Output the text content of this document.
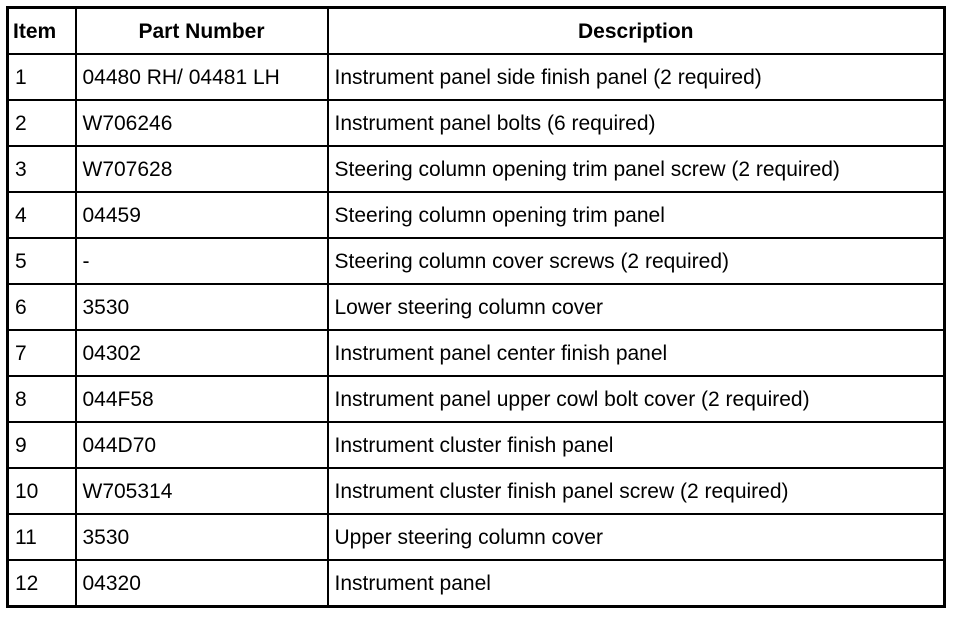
Item	Part Number	Description
1	04480 RH/ 04481 LH	Instrument panel side finish panel (2 required)
2	W706246	Instrument panel bolts (6 required)
3	W707628	Steering column opening trim panel screw (2 required)
4	04459	Steering column opening trim panel
5	-	Steering column cover screws (2 required)
6	3530	Lower steering column cover
7	04302	Instrument panel center finish panel
8	044F58	Instrument panel upper cowl bolt cover (2 required)
9	044D70	Instrument cluster finish panel
10	W705314	Instrument cluster finish panel screw (2 required)
11	3530	Upper steering column cover
12	04320	Instrument panel
